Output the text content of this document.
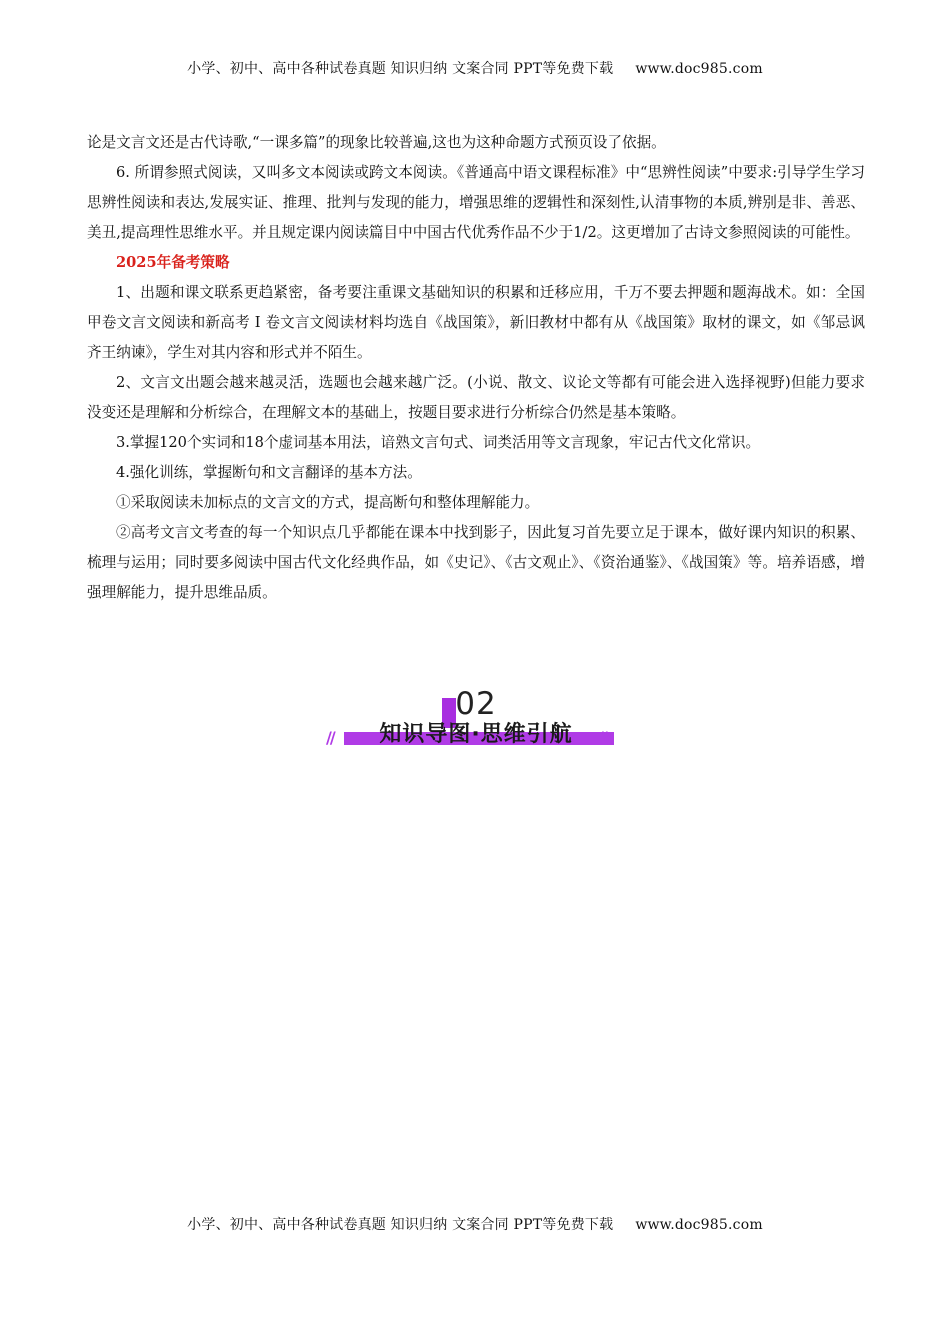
小学、初中、高中各种试卷真题 知识归纳 文案合同 PPT等免费下载 www.doc985.com

论是文言文还是古代诗歌,“一课多篇”的现象比较普遍,这也为这种命题方式预页设了依据。

6. 所谓参照式阅读，又叫多文本阅读或跨文本阅读。《普通高中语文课程标准》中“思辨性阅读”中要求:引导学生学习思辨性阅读和表达,发展实证、推理、批判与发现的能力，增强思维的逻辑性和深刻性,认清事物的本质,辨别是非、善恶、美丑,提高理性思维水平。并且规定课内阅读篇目中中国古代优秀作品不少于1/2。这更增加了古诗文参照阅读的可能性。

2025年备考策略

1、出题和课文联系更趋紧密，备考要注重课文基础知识的积累和迁移应用，千万不要去押题和题海战术。如：全国甲卷文言文阅读和新高考 I 卷文言文阅读材料均选自《战国策》，新旧教材中都有从《战国策》取材的课文，如《邹忌讽齐王纳谏》，学生对其内容和形式并不陌生。

2、文言文出题会越来越灵活，选题也会越来越广泛。(小说、散文、议论文等都有可能会进入选择视野)但能力要求没变还是理解和分析综合，在理解文本的基础上，按题目要求进行分析综合仍然是基本策略。

3.掌握120个实词和18个虚词基本用法，谙熟文言句式、词类活用等文言现象，牢记古代文化常识。

4.强化训练，掌握断句和文言翻译的基本方法。

①采取阅读未加标点的文言文的方式，提高断句和整体理解能力。

②高考文言文考查的每一个知识点几乎都能在课本中找到影子，因此复习首先要立足于课本，做好课内知识的积累、梳理与运用；同时要多阅读中国古代文化经典作品，如《史记》、《古文观止》、《资治通鉴》、《战国策》等。培养语感，增强理解能力，提升思维品质。

02
//	知识导图·思维引航	\\
小学、初中、高中各种试卷真题 知识归纳 文案合同 PPT等免费下载 www.doc985.com
